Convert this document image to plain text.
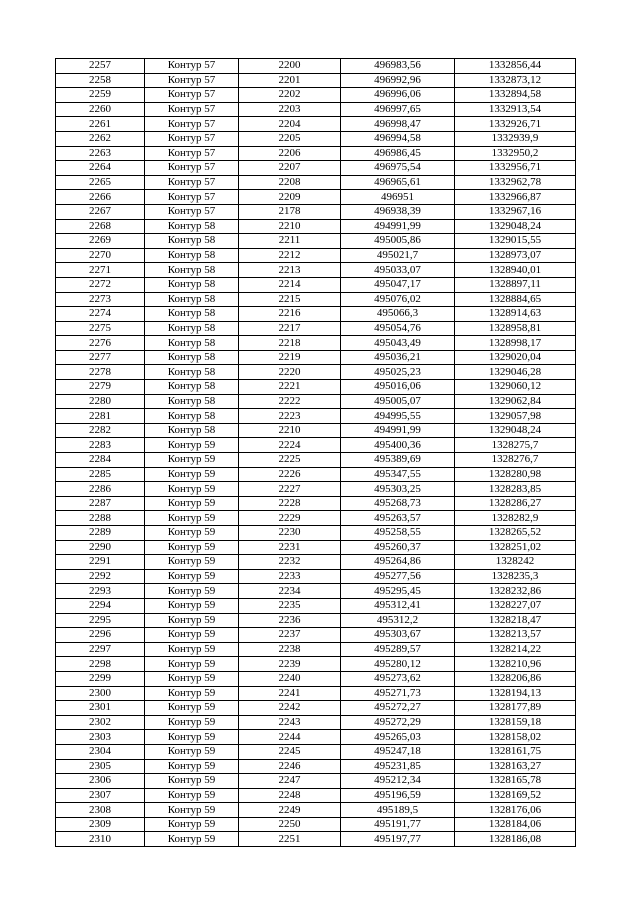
2257	Контур 57	2200	496983,56	1332856,44
2258	Контур 57	2201	496992,96	1332873,12
2259	Контур 57	2202	496996,06	1332894,58
2260	Контур 57	2203	496997,65	1332913,54
2261	Контур 57	2204	496998,47	1332926,71
2262	Контур 57	2205	496994,58	1332939,9
2263	Контур 57	2206	496986,45	1332950,2
2264	Контур 57	2207	496975,54	1332956,71
2265	Контур 57	2208	496965,61	1332962,78
2266	Контур 57	2209	496951	1332966,87
2267	Контур 57	2178	496938,39	1332967,16
2268	Контур 58	2210	494991,99	1329048,24
2269	Контур 58	2211	495005,86	1329015,55
2270	Контур 58	2212	495021,7	1328973,07
2271	Контур 58	2213	495033,07	1328940,01
2272	Контур 58	2214	495047,17	1328897,11
2273	Контур 58	2215	495076,02	1328884,65
2274	Контур 58	2216	495066,3	1328914,63
2275	Контур 58	2217	495054,76	1328958,81
2276	Контур 58	2218	495043,49	1328998,17
2277	Контур 58	2219	495036,21	1329020,04
2278	Контур 58	2220	495025,23	1329046,28
2279	Контур 58	2221	495016,06	1329060,12
2280	Контур 58	2222	495005,07	1329062,84
2281	Контур 58	2223	494995,55	1329057,98
2282	Контур 58	2210	494991,99	1329048,24
2283	Контур 59	2224	495400,36	1328275,7
2284	Контур 59	2225	495389,69	1328276,7
2285	Контур 59	2226	495347,55	1328280,98
2286	Контур 59	2227	495303,25	1328283,85
2287	Контур 59	2228	495268,73	1328286,27
2288	Контур 59	2229	495263,57	1328282,9
2289	Контур 59	2230	495258,55	1328265,52
2290	Контур 59	2231	495260,37	1328251,02
2291	Контур 59	2232	495264,86	1328242
2292	Контур 59	2233	495277,56	1328235,3
2293	Контур 59	2234	495295,45	1328232,86
2294	Контур 59	2235	495312,41	1328227,07
2295	Контур 59	2236	495312,2	1328218,47
2296	Контур 59	2237	495303,67	1328213,57
2297	Контур 59	2238	495289,57	1328214,22
2298	Контур 59	2239	495280,12	1328210,96
2299	Контур 59	2240	495273,62	1328206,86
2300	Контур 59	2241	495271,73	1328194,13
2301	Контур 59	2242	495272,27	1328177,89
2302	Контур 59	2243	495272,29	1328159,18
2303	Контур 59	2244	495265,03	1328158,02
2304	Контур 59	2245	495247,18	1328161,75
2305	Контур 59	2246	495231,85	1328163,27
2306	Контур 59	2247	495212,34	1328165,78
2307	Контур 59	2248	495196,59	1328169,52
2308	Контур 59	2249	495189,5	1328176,06
2309	Контур 59	2250	495191,77	1328184,06
2310	Контур 59	2251	495197,77	1328186,08
